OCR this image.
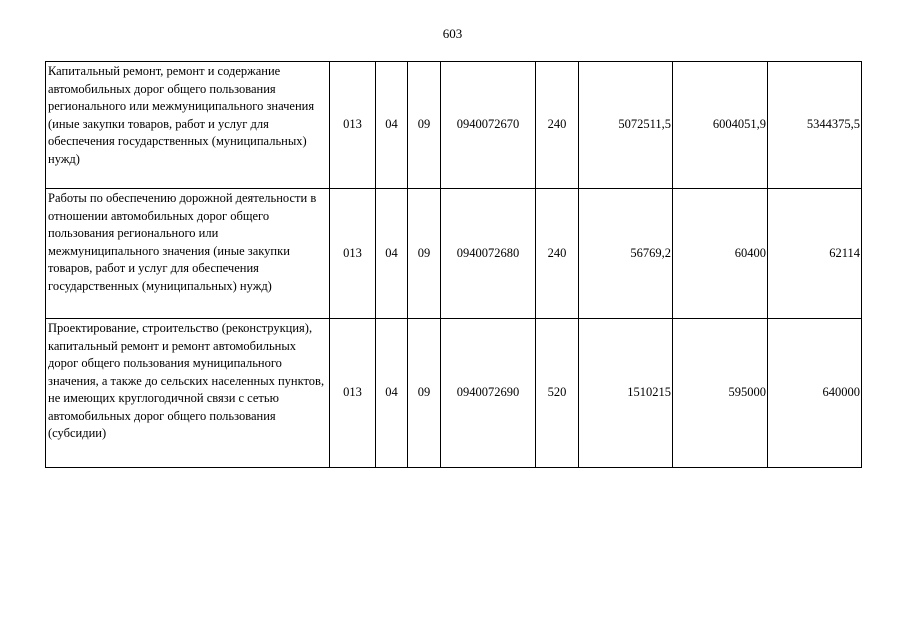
603
Капитальный ремонт, ремонт и содержание автомобильных дорог общего пользования регионального или межмуниципального значения (иные закупки товаров, работ и услуг для обеспечения государственных (муниципальных) нужд)	013	04	09	0940072670	240	5072511,5	6004051,9	5344375,5
Работы по обеспечению дорожной деятельности в отношении автомобильных дорог общего пользования регионального или межмуниципального значения (иные закупки товаров, работ и услуг для обеспечения государственных (муниципальных) нужд)	013	04	09	0940072680	240	56769,2	60400	62114
Проектирование, строительство (реконструкция), капитальный ремонт и ремонт автомобильных дорог общего пользования муниципального значения, а также до сельских населенных пунктов, не имеющих круглогодичной связи с сетью автомобильных дорог общего пользования (субсидии)	013	04	09	0940072690	520	1510215	595000	640000
